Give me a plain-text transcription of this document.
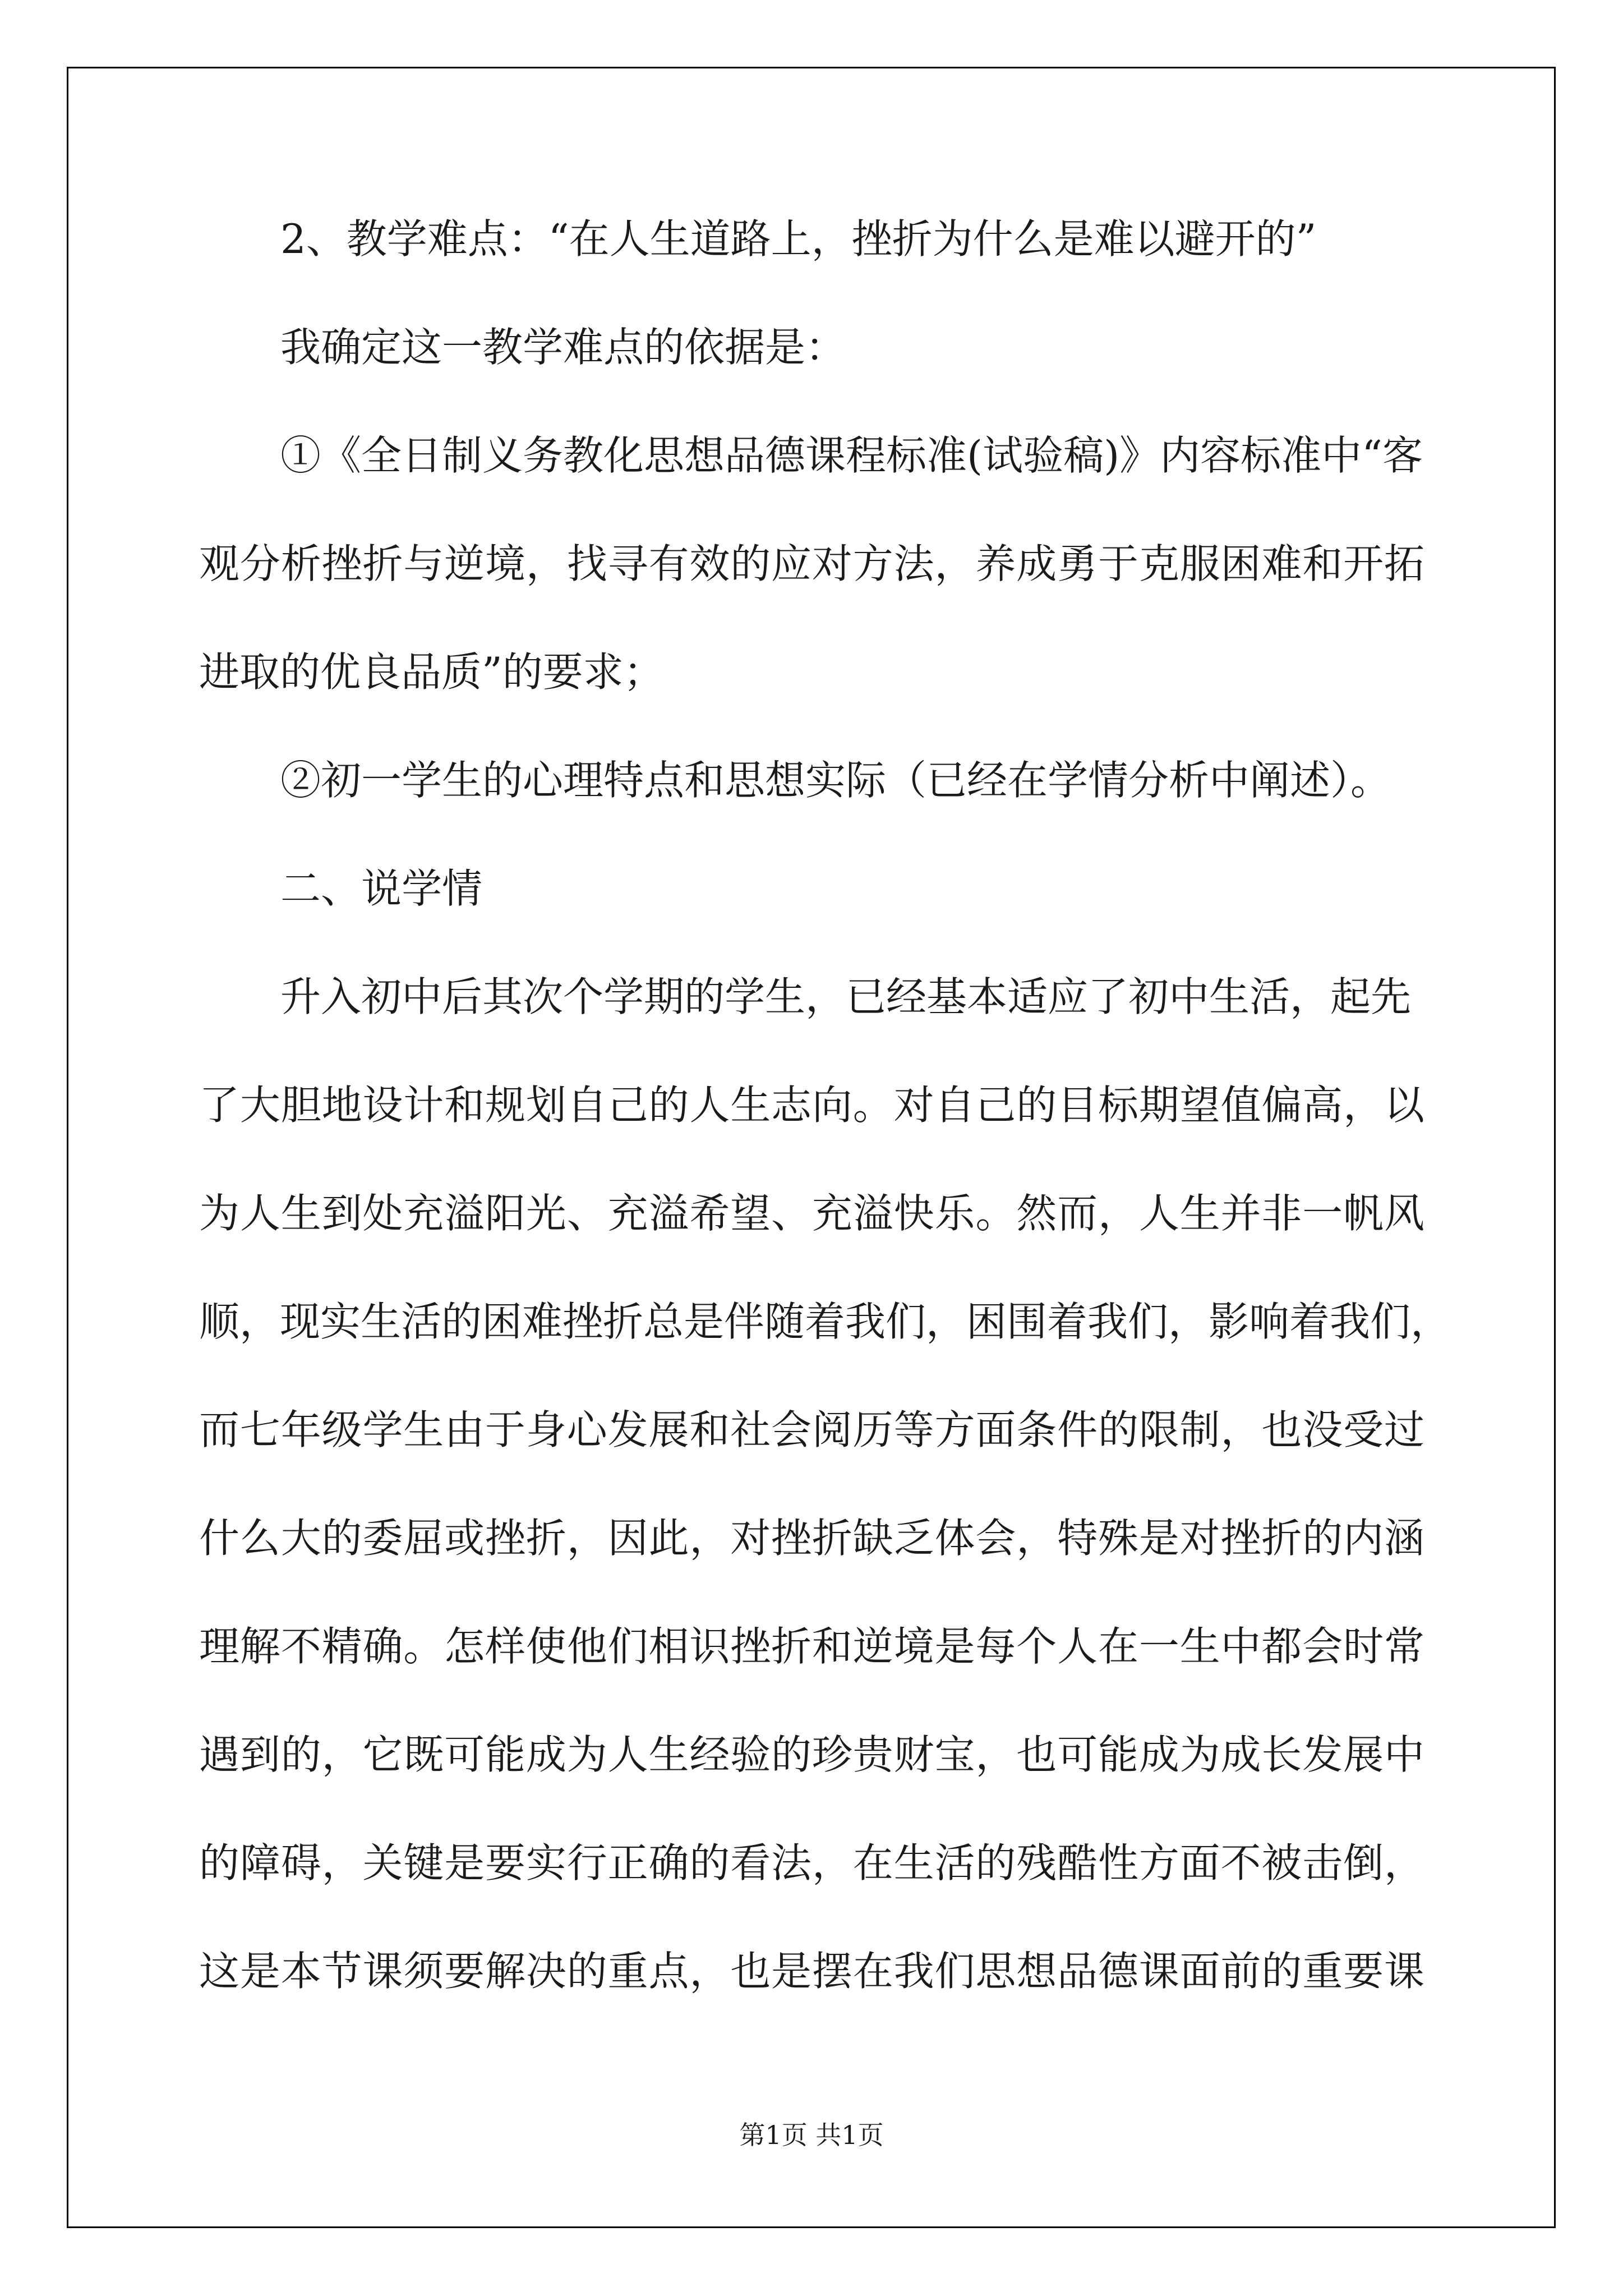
2、教学难点：“在人生道路上，挫折为什么是难以避开的”
我确定这一教学难点的依据是：
①《全日制义务教化思想品德课程标准(试验稿)》内容标准中“客
观分析挫折与逆境，找寻有效的应对方法，养成勇于克服困难和开拓
进取的优良品质”的要求；
②初一学生的心理特点和思想实际（已经在学情分析中阐述）。
二、说学情
升入初中后其次个学期的学生，已经基本适应了初中生活，起先
了大胆地设计和规划自己的人生志向。对自己的目标期望值偏高，以
为人生到处充溢阳光、充溢希望、充溢快乐。然而，人生并非一帆风
顺，现实生活的困难挫折总是伴随着我们，困围着我们，影响着我们，
而七年级学生由于身心发展和社会阅历等方面条件的限制，也没受过
什么大的委屈或挫折，因此，对挫折缺乏体会，特殊是对挫折的内涵
理解不精确。怎样使他们相识挫折和逆境是每个人在一生中都会时常
遇到的，它既可能成为人生经验的珍贵财宝，也可能成为成长发展中
的障碍，关键是要实行正确的看法，在生活的残酷性方面不被击倒，
这是本节课须要解决的重点，也是摆在我们思想品德课面前的重要课
第1页 共1页
